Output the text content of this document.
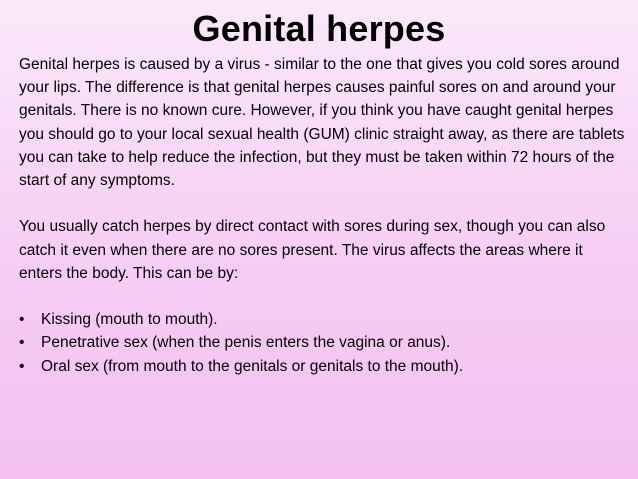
Genital herpes

Genital herpes is caused by a virus - similar to the one that gives you cold sores around your lips. The difference is that genital herpes causes painful sores on and around your genitals. There is no known cure. However, if you think you have caught genital herpes you should go to your local sexual health (GUM) clinic straight away, as there are tablets you can take to help reduce the infection, but they must be taken within 72 hours of the start of any symptoms.

You usually catch herpes by direct contact with sores during sex, though you can also catch it even when there are no sores present. The virus affects the areas where it enters the body. This can be by:

•	Kissing (mouth to mouth).
•	Penetrative sex (when the penis enters the vagina or anus).
•	Oral sex (from mouth to the genitals or genitals to the mouth).
